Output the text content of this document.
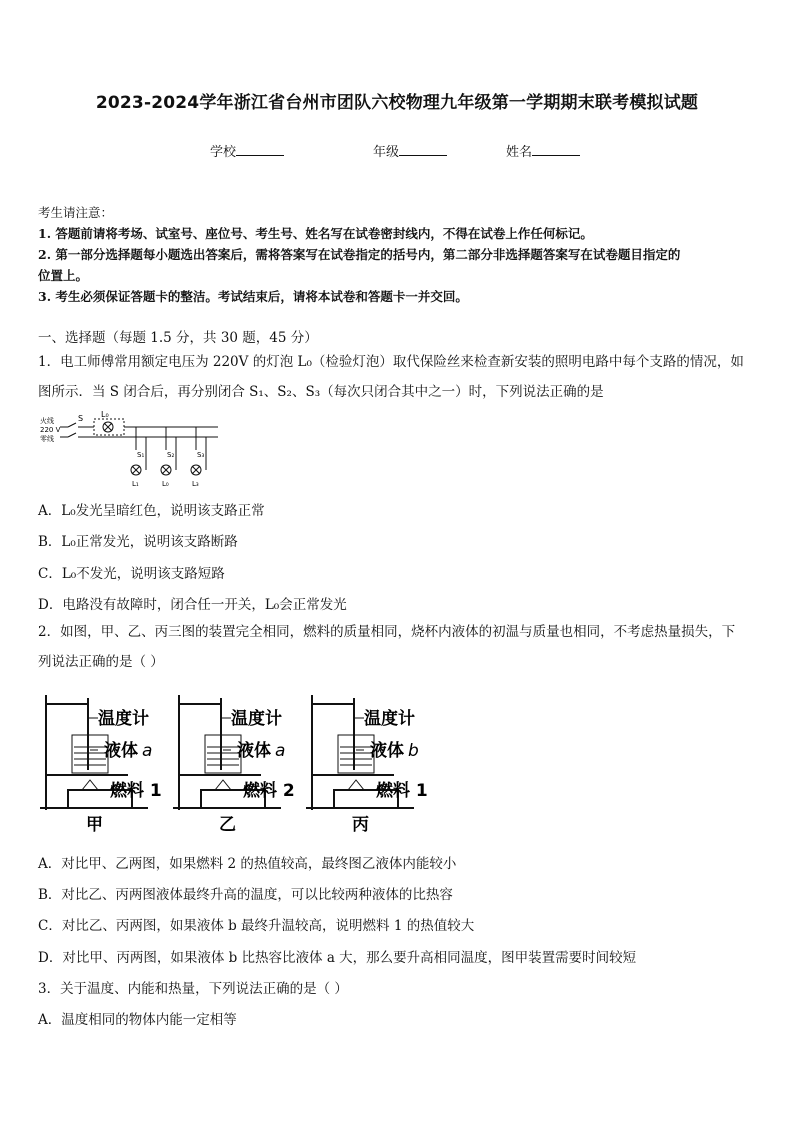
2023-2024学年浙江省台州市团队六校物理九年级第一学期期末联考模拟试题
学校	年级	姓名
考生请注意：
1. 答题前请将考场、试室号、座位号、考生号、姓名写在试卷密封线内，不得在试卷上作任何标记。
2. 第一部分选择题每小题选出答案后，需将答案写在试卷指定的括号内，第二部分非选择题答案写在试卷题目指定的
位置上。
3. 考生必须保证答题卡的整洁。考试结束后，请将本试卷和答题卡一并交回。
一、选择题（每题 1.5 分，共 30 题，45 分）
1．电工师傅常用额定电压为 220V 的灯泡 L₀（检验灯泡）取代保险丝来检查新安装的照明电路中每个支路的情况，如
图所示．当 S 闭合后，再分别闭合 S₁、S₂、S₃（每次只闭合其中之一）时，下列说法正确的是
火线
220 V
零线
S L₀
S₁
L₁
S₂
L₀
S₃
L₃
A．L₀发光呈暗红色，说明该支路正常
B．L₀正常发光，说明该支路断路
C．L₀不发光，说明该支路短路
D．电路没有故障时，闭合任一开关，L₀会正常发光
2．如图，甲、乙、丙三图的装置完全相同，燃料的质量相同，烧杯内液体的初温与质量也相同，不考虑热量损失，下
列说法正确的是（ ）
温度计
液体 a
燃料 1
甲
温度计
液体 a
燃料 2
乙
温度计
液体 b
燃料 1
丙
A．对比甲、乙两图，如果燃料 2 的热值较高，最终图乙液体内能较小
B．对比乙、丙两图液体最终升高的温度，可以比较两种液体的比热容
C．对比乙、丙两图，如果液体 b 最终升温较高，说明燃料 1 的热值较大
D．对比甲、丙两图，如果液体 b 比热容比液体 a 大，那么要升高相同温度，图甲装置需要时间较短
3．关于温度、内能和热量，下列说法正确的是（ ）
A．温度相同的物体内能一定相等
